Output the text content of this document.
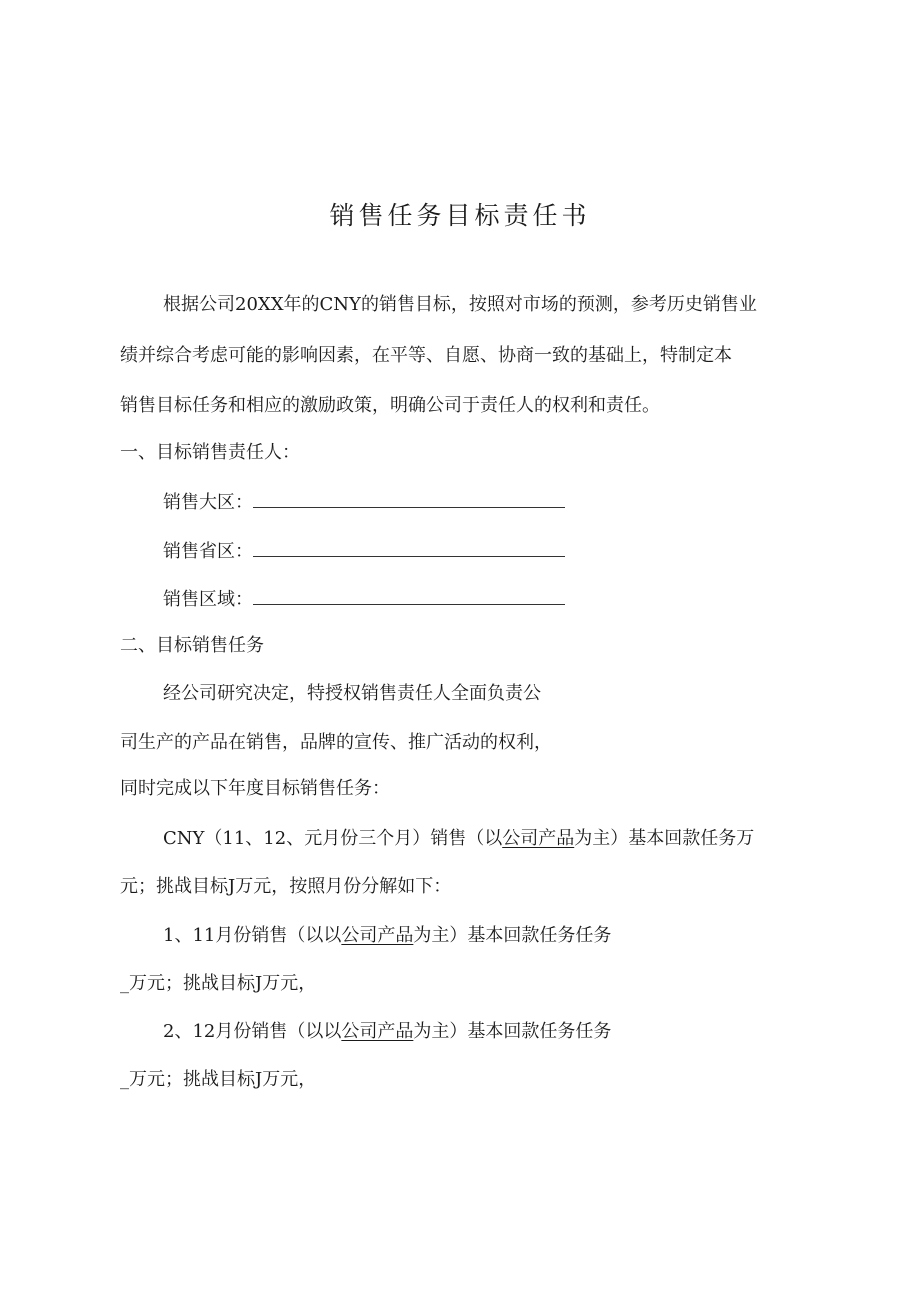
销售任务目标责任书

根据公司20XX年的CNY的销售目标，按照对市场的预测，参考历史销售业

绩并综合考虑可能的影响因素，在平等、自愿、协商一致的基础上，特制定本

销售目标任务和相应的激励政策，明确公司于责任人的权利和责任。

一、目标销售责任人：

销售大区：

销售省区：

销售区域：

二、目标销售任务

经公司研究决定，特授权销售责任人全面负责公

司生产的产品在销售，品牌的宣传、推广活动的权利，

同时完成以下年度目标销售任务：

CNY（11、12、元月份三个月）销售（以公司产品为主）基本回款任务万

元；挑战目标J万元，按照月份分解如下：

1、11月份销售（以以公司产品为主）基本回款任务任务

_万元；挑战目标J万元，

2、12月份销售（以以公司产品为主）基本回款任务任务

_万元；挑战目标J万元，
